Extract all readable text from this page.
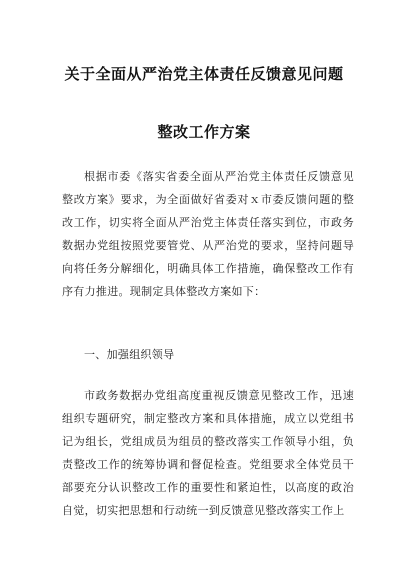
关于全面从严治党主体责任反馈意见问题
整改工作方案

根据市委《落实省委全面从严治党主体责任反馈意见整改方案》要求，为全面做好省委对ｘ市委反馈问题的整改工作，切实将全面从严治党主体责任落实到位，市政务数据办党组按照党要管党、从严治党的要求，坚持问题导向将任务分解细化，明确具体工作措施，确保整改工作有序有力推进。现制定具体整改方案如下：

一、加强组织领导

市政务数据办党组高度重视反馈意见整改工作，迅速组织专题研究，制定整改方案和具体措施，成立以党组书记为组长，党组成员为组员的整改落实工作领导小组，负责整改工作的统筹协调和督促检查。党组要求全体党员干部要充分认识整改工作的重要性和紧迫性，以高度的政治自觉，切实把思想和行动统一到反馈意见整改落实工作上
